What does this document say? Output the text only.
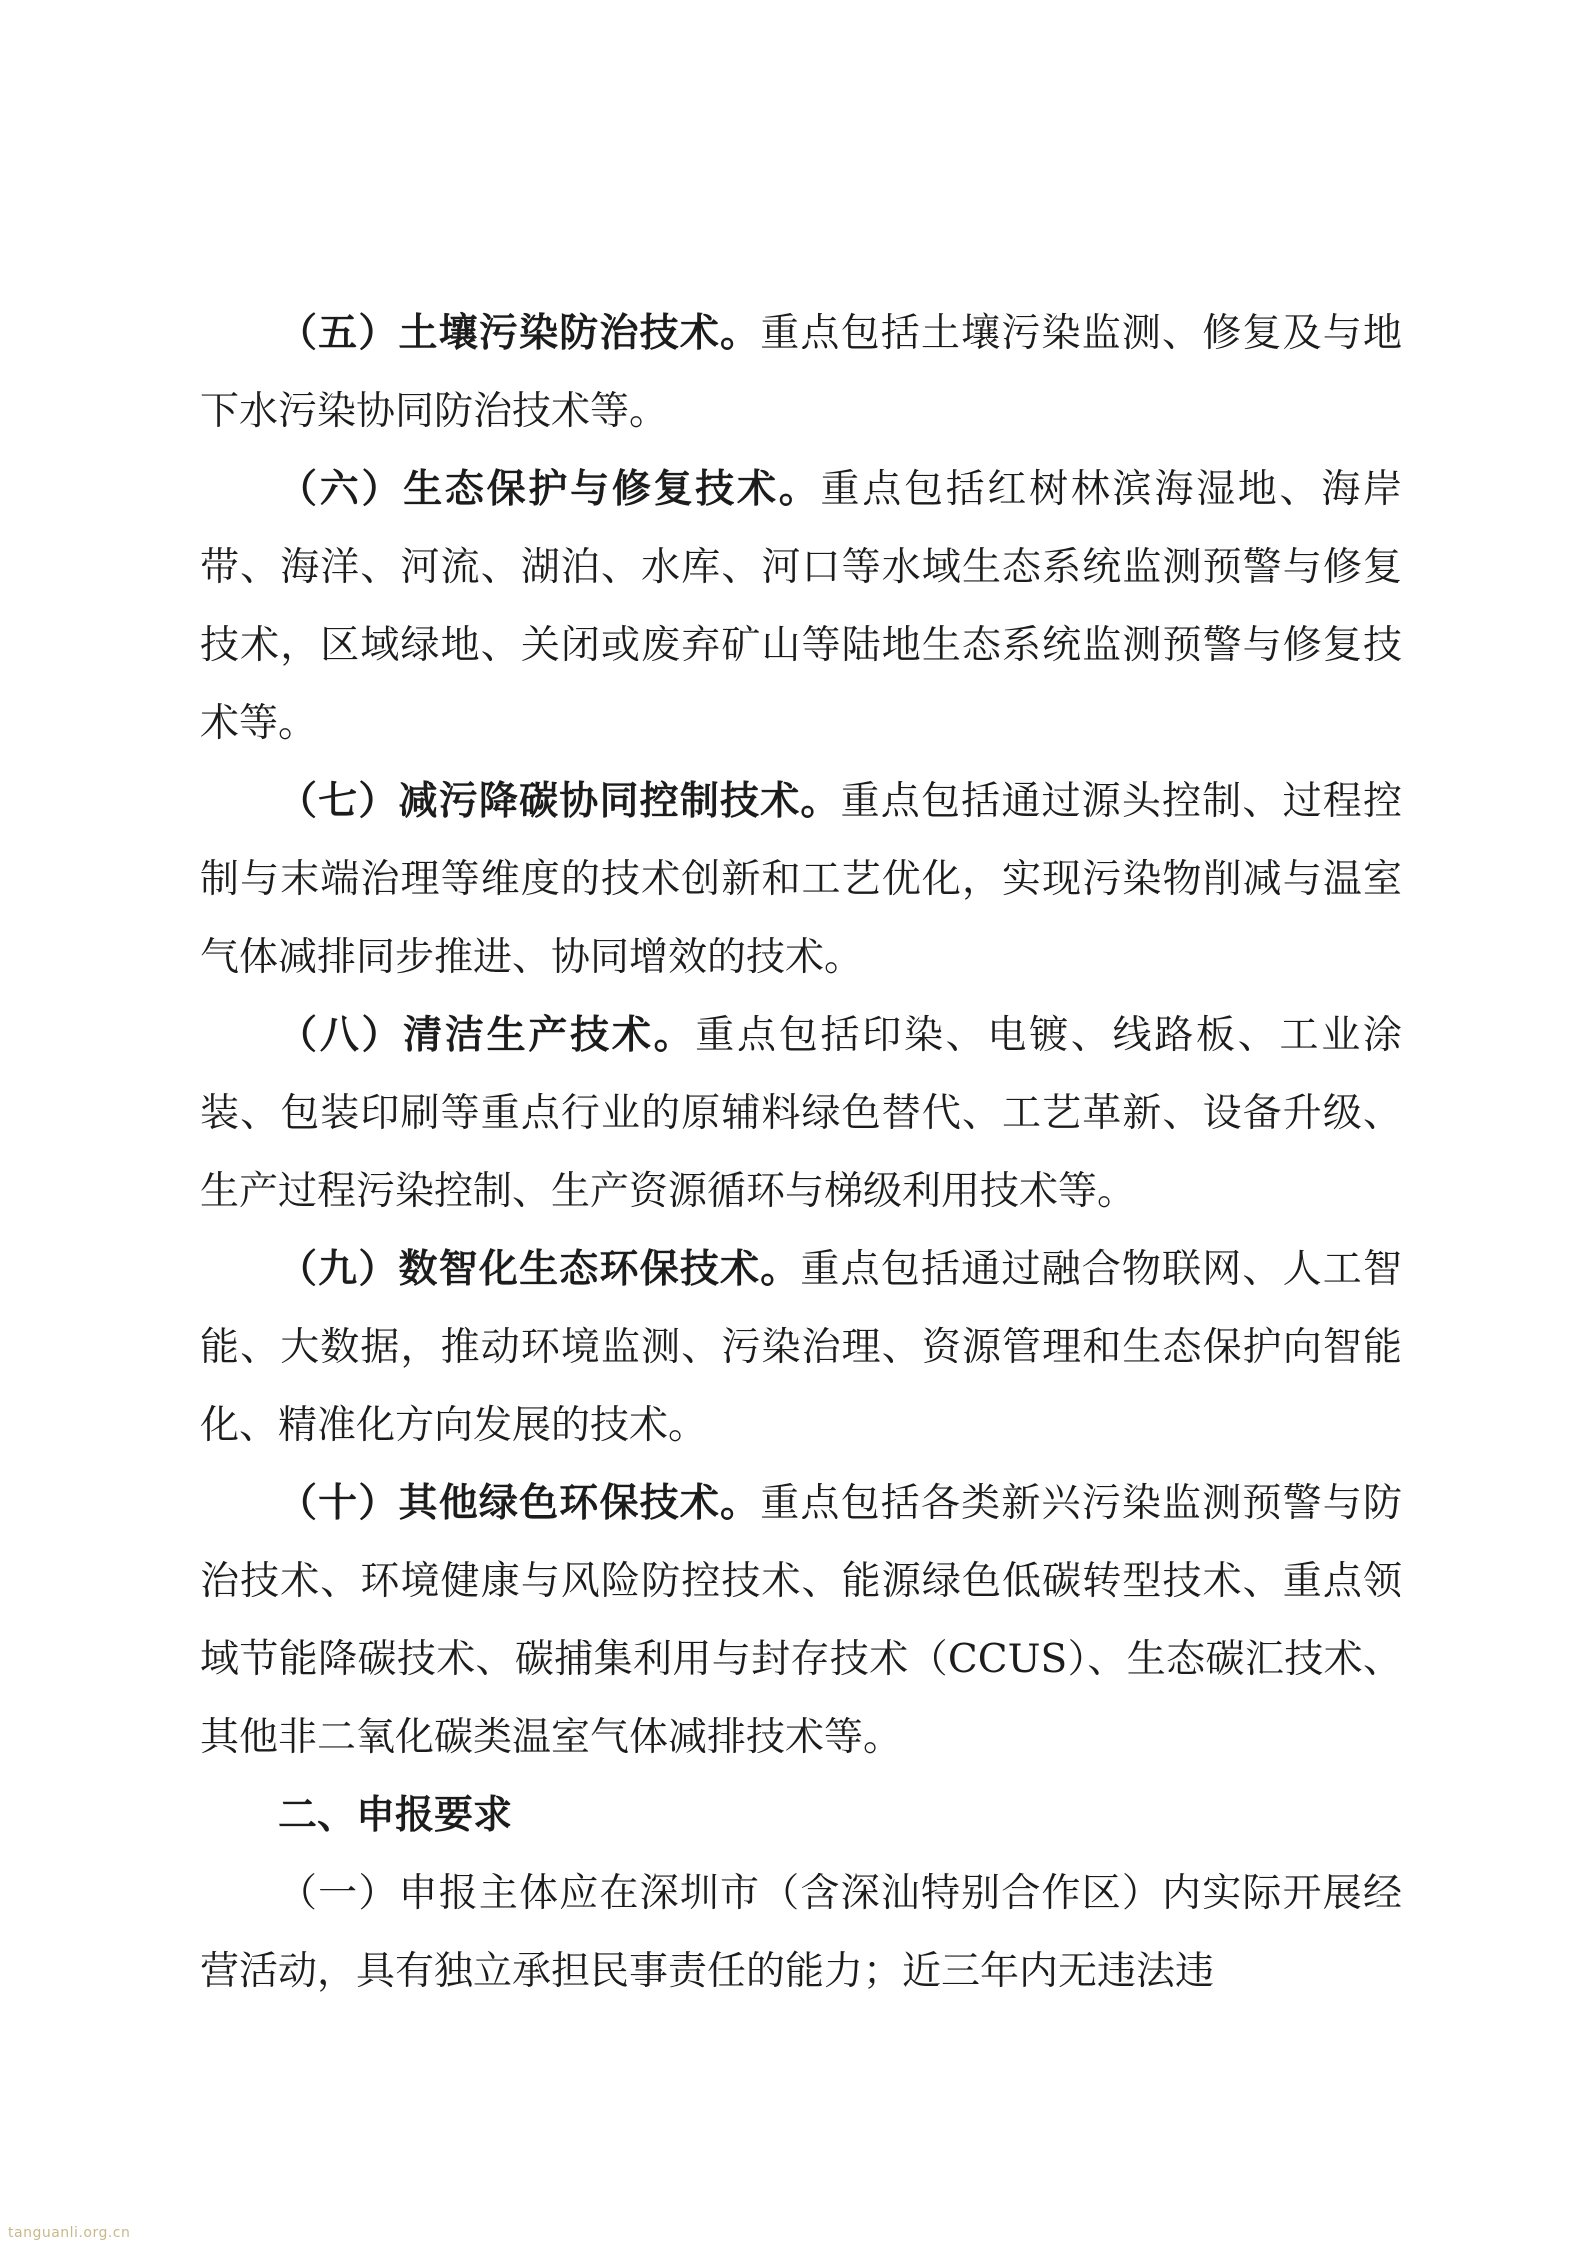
（五）土壤污染防治技术。重点包括土壤污染监测、修复及与地下水污染协同防治技术等。

（六）生态保护与修复技术。重点包括红树林滨海湿地、海岸带、海洋、河流、湖泊、水库、河口等水域生态系统监测预警与修复技术，区域绿地、关闭或废弃矿山等陆地生态系统监测预警与修复技术等。

（七）减污降碳协同控制技术。重点包括通过源头控制、过程控制与末端治理等维度的技术创新和工艺优化，实现污染物削减与温室气体减排同步推进、协同增效的技术。

（八）清洁生产技术。重点包括印染、电镀、线路板、工业涂装、包装印刷等重点行业的原辅料绿色替代、工艺革新、设备升级、生产过程污染控制、生产资源循环与梯级利用技术等。

（九）数智化生态环保技术。重点包括通过融合物联网、人工智能、大数据，推动环境监测、污染治理、资源管理和生态保护向智能化、精准化方向发展的技术。

（十）其他绿色环保技术。重点包括各类新兴污染监测预警与防治技术、环境健康与风险防控技术、能源绿色低碳转型技术、重点领域节能降碳技术、碳捕集利用与封存技术（CCUS）、生态碳汇技术、其他非二氧化碳类温室气体减排技术等。

二、申报要求

（一）申报主体应在深圳市（含深汕特别合作区）内实际开展经营活动，具有独立承担民事责任的能力；近三年内无违法违

tanguanli.org.cn
